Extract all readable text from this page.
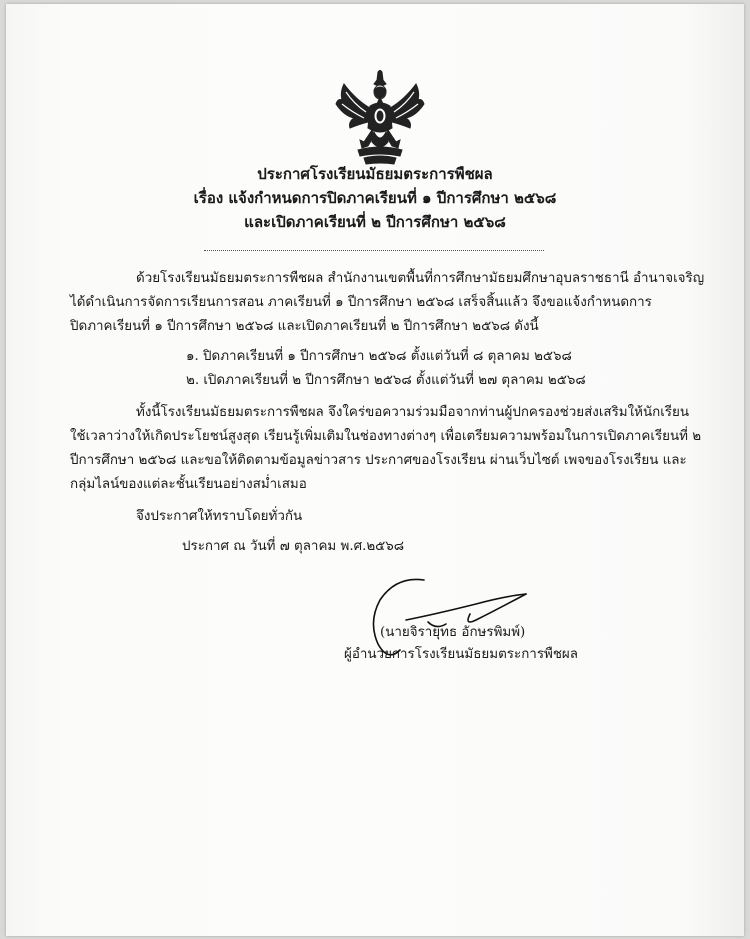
ประกาศโรงเรียนมัธยมตระการพืชผล
เรื่อง แจ้งกำหนดการปิดภาคเรียนที่ ๑ ปีการศึกษา ๒๕๖๘
และเปิดภาคเรียนที่ ๒ ปีการศึกษา ๒๕๖๘
ด้วยโรงเรียนมัธยมตระการพืชผล สำนักงานเขตพื้นที่การศึกษามัธยมศึกษาอุบลราชธานี อำนาจเจริญ
ได้ดำเนินการจัดการเรียนการสอน ภาคเรียนที่ ๑ ปีการศึกษา ๒๕๖๘ เสร็จสิ้นแล้ว จึงขอแจ้งกำหนดการ
ปิดภาคเรียนที่ ๑ ปีการศึกษา ๒๕๖๘ และเปิดภาคเรียนที่ ๒ ปีการศึกษา ๒๕๖๘ ดังนี้
๑. ปิดภาคเรียนที่ ๑ ปีการศึกษา ๒๕๖๘ ตั้งแต่วันที่ ๘ ตุลาคม ๒๕๖๘
๒. เปิดภาคเรียนที่ ๒ ปีการศึกษา ๒๕๖๘ ตั้งแต่วันที่ ๒๗ ตุลาคม ๒๕๖๘
ทั้งนี้โรงเรียนมัธยมตระการพืชผล จึงใคร่ขอความร่วมมือจากท่านผู้ปกครองช่วยส่งเสริมให้นักเรียน
ใช้เวลาว่างให้เกิดประโยชน์สูงสุด เรียนรู้เพิ่มเติมในช่องทางต่างๆ เพื่อเตรียมความพร้อมในการเปิดภาคเรียนที่ ๒
ปีการศึกษา ๒๕๖๘ และขอให้ติดตามข้อมูลข่าวสาร ประกาศของโรงเรียน ผ่านเว็บไซต์ เพจของโรงเรียน และ
กลุ่มไลน์ของแต่ละชั้นเรียนอย่างสม่ำเสมอ
จึงประกาศให้ทราบโดยทั่วกัน
ประกาศ ณ วันที่ ๗ ตุลาคม พ.ศ.๒๕๖๘
(นายจิรายุทธ อักษรพิมพ์)
ผู้อำนวยการโรงเรียนมัธยมตระการพืชผล
